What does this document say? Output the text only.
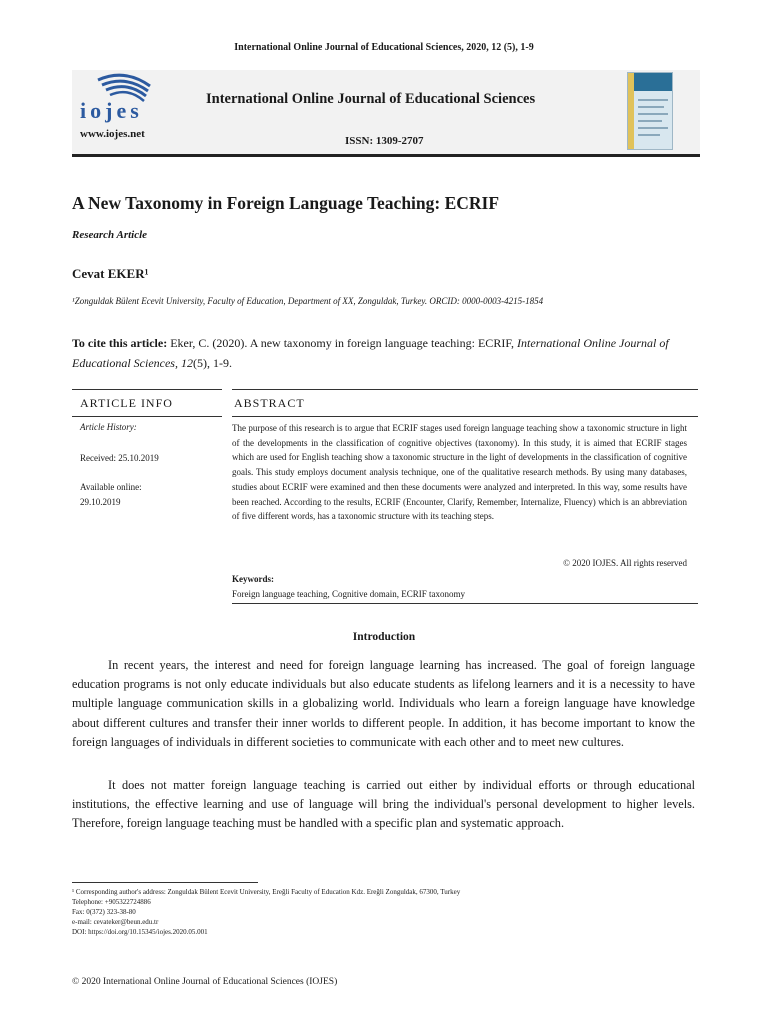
International Online Journal of Educational Sciences, 2020, 12 (5), 1-9
iojes
www.iojes.net
International Online Journal of Educational Sciences
ISSN: 1309-2707
A New Taxonomy in Foreign Language Teaching: ECRIF
Research Article
Cevat EKER¹
¹Zonguldak Bülent Ecevit University, Faculty of Education, Department of XX, Zonguldak, Turkey. ORCID: 0000-0003-4215-1854
To cite this article: Eker, C. (2020). A new taxonomy in foreign language teaching: ECRIF, International Online Journal of Educational Sciences, 12(5), 1-9.
ARTICLE INFO	ABSTRACT
Article History:
Received: 25.10.2019
Available online:
29.10.2019
The purpose of this research is to argue that ECRIF stages used foreign language teaching show a taxonomic structure in light of the developments in the classification of cognitive objectives (taxonomy). In this study, it is aimed that ECRIF stages which are used for English teaching show a taxonomic structure in the light of developments in the classification of cognitive goals. This study employs document analysis technique, one of the qualitative research methods. By using many databases, studies about ECRIF were examined and then these documents were analyzed and interpreted. In this way, some results have been reached. According to the results, ECRIF (Encounter, Clarify, Remember, Internalize, Fluency) which is an abbreviation of five different words, has a taxonomic structure with its teaching steps.
© 2020 IOJES. All rights reserved
Keywords:
Foreign language teaching, Cognitive domain, ECRIF taxonomy
Introduction
In recent years, the interest and need for foreign language learning has increased. The goal of foreign language education programs is not only educate individuals but also educate students as lifelong learners and it is a necessity to have multiple language communication skills in a globalizing world. Individuals who learn a foreign language have knowledge about different cultures and transfer their inner worlds to different people. In addition, it has become important to know the foreign languages of individuals in different societies to communicate with each other and to meet new cultures.
It does not matter foreign language teaching is carried out either by individual efforts or through educational institutions, the effective learning and use of language will bring the individual's personal development to higher levels. Therefore, foreign language teaching must be handled with a specific plan and systematic approach.
¹ Corresponding author's address: Zonguldak Bülent Ecevit University, Ereğli Faculty of Education Kdz. Ereğli Zonguldak, 67300, Turkey
Telephone: +905322724886
Fax: 0(372) 323-38-80
e-mail: cevateker@beun.edu.tr
DOI: https://doi.org/10.15345/iojes.2020.05.001
© 2020 International Online Journal of Educational Sciences (IOJES)
